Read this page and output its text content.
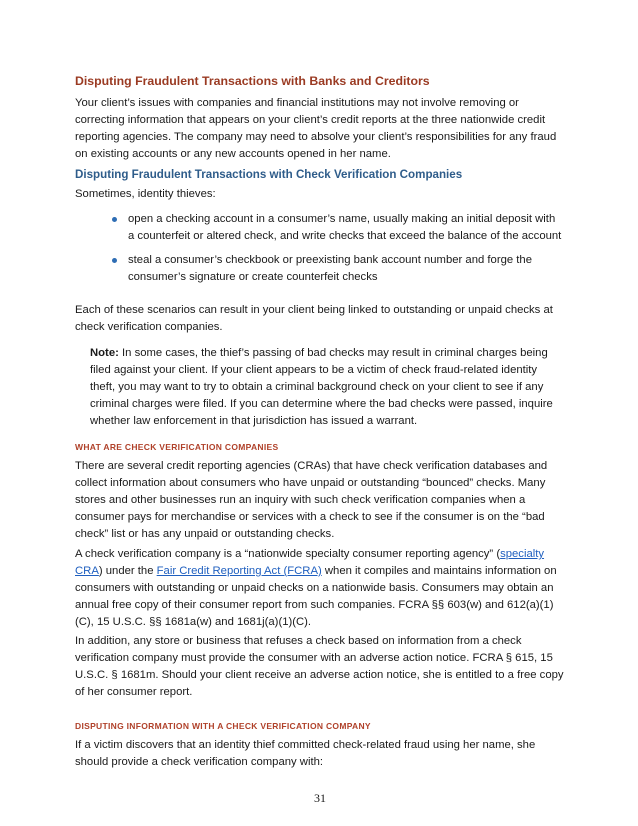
Disputing Fraudulent Transactions with Banks and Creditors

Your client’s issues with companies and financial institutions may not involve removing or correcting information that appears on your client’s credit reports at the three nationwide credit reporting agencies. The company may need to absolve your client’s responsibilities for any fraud on existing accounts or any new accounts opened in her name.

Disputing Fraudulent Transactions with Check Verification Companies

Sometimes, identity thieves:

open a checking account in a consumer’s name, usually making an initial deposit with a counterfeit or altered check, and write checks that exceed the balance of the account
steal a consumer’s checkbook or preexisting bank account number and forge the consumer’s signature or create counterfeit checks

Each of these scenarios can result in your client being linked to outstanding or unpaid checks at check verification companies.

Note: In some cases, the thief’s passing of bad checks may result in criminal charges being filed against your client. If your client appears to be a victim of check fraud-related identity theft, you may want to try to obtain a criminal background check on your client to see if any criminal charges were filed. If you can determine where the bad checks were passed, inquire whether law enforcement in that jurisdiction has issued a warrant.

WHAT ARE CHECK VERIFICATION COMPANIES

There are several credit reporting agencies (CRAs) that have check verification databases and collect information about consumers who have unpaid or outstanding “bounced” checks. Many stores and other businesses run an inquiry with such check verification companies when a consumer pays for merchandise or services with a check to see if the consumer is on the “bad check” list or has any unpaid or outstanding checks.

A check verification company is a “nationwide specialty consumer reporting agency” (specialty CRA) under the Fair Credit Reporting Act (FCRA) when it compiles and maintains information on consumers with outstanding or unpaid checks on a nationwide basis. Consumers may obtain an annual free copy of their consumer report from such companies. FCRA §§ 603(w) and 612(a)(1)(C), 15 U.S.C. §§ 1681a(w) and 1681j(a)(1)(C).

In addition, any store or business that refuses a check based on information from a check verification company must provide the consumer with an adverse action notice. FCRA § 615, 15 U.S.C. § 1681m. Should your client receive an adverse action notice, she is entitled to a free copy of her consumer report.

DISPUTING INFORMATION WITH A CHECK VERIFICATION COMPANY

If a victim discovers that an identity thief committed check-related fraud using her name, she should provide a check verification company with:

31
